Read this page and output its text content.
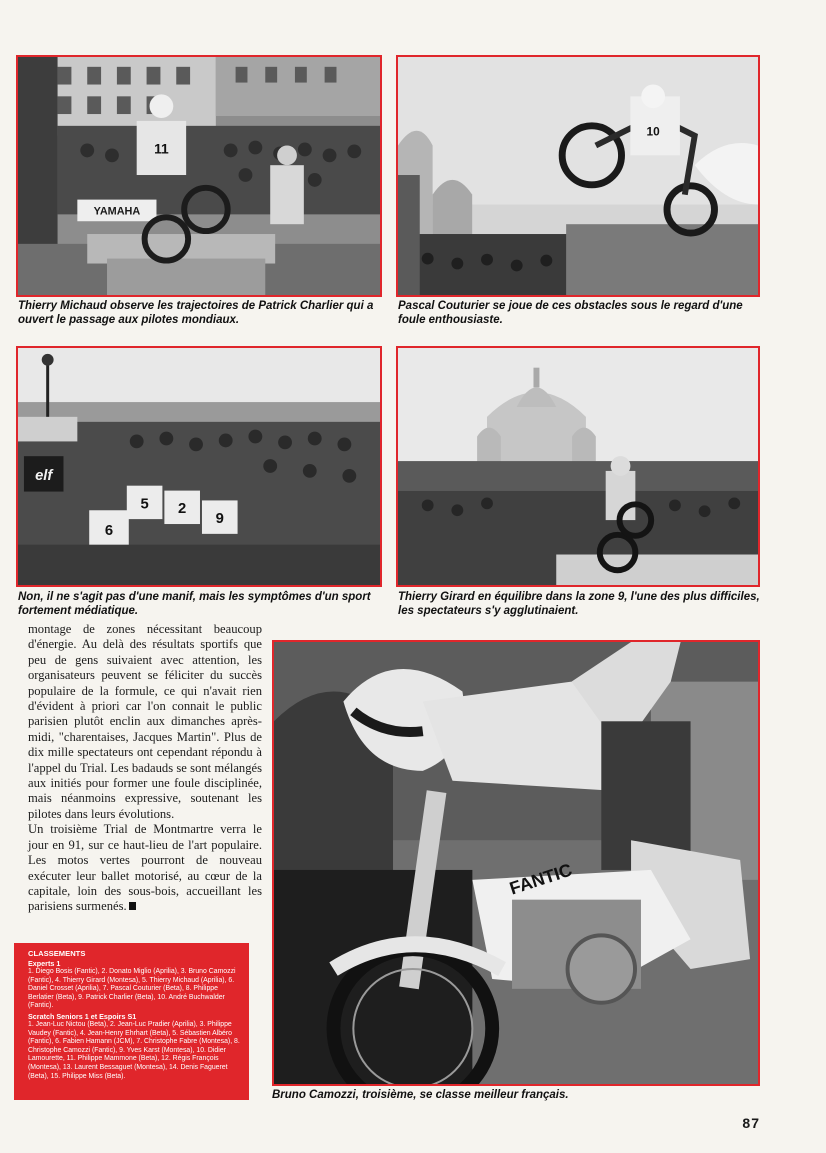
YAMAHA
11
Thierry Michaud observe les trajectoires de Patrick Charlier qui a ouvert le passage aux pilotes mondiaux.
10
Pascal Couturier se joue de ces obstacles sous le regard d'une foule enthousiaste.
elf
6
5 2
9
Non, il ne s'agit pas d'une manif, mais les symptômes d'un sport fortement médiatique.
Thierry Girard en équilibre dans la zone 9, l'une des plus difficiles, les spectateurs s'y agglutinaient.
FANTIC
Bruno Camozzi, troisième, se classe meilleur français.

montage de zones nécessitant beaucoup d'énergie. Au delà des résultats sportifs que peu de gens suivaient avec attention, les organisateurs peuvent se féliciter du succès populaire de la formule, ce qui n'avait rien d'évident à priori car l'on connait le public parisien plutôt enclin aux dimanches après-midi, "charentaises, Jacques Martin". Plus de dix mille spectateurs ont cependant répondu à l'appel du Trial. Les badauds se sont mélangés aux initiés pour former une foule disciplinée, mais néanmoins expressive, soutenant les pilotes dans leurs évolutions.

Un troisième Trial de Montmartre verra le jour en 91, sur ce haut-lieu de l'art populaire. Les motos vertes pourront de nouveau exécuter leur ballet motorisé, au cœur de la capitale, loin des sous-bois, accueillant les parisiens surmenés.

CLASSEMENTS
Experts 1
1. Diego Bosis (Fantic), 2. Donato Miglio (Aprilia), 3. Bruno Camozzi (Fantic), 4. Thierry Girard (Montesa), 5. Thierry Michaud (Aprilia), 6. Daniel Crosset (Aprilia), 7. Pascal Couturier (Beta), 8. Philippe Berlatier (Beta), 9. Patrick Charlier (Beta), 10. André Buchwalder (Fantic).
Scratch Seniors 1 et Espoirs S1
1. Jean-Luc Nictou (Beta), 2. Jean-Luc Pradier (Aprilia), 3. Philippe Vaudey (Fantic), 4. Jean-Henry Ehrhart (Beta), 5. Sébastien Albéro (Fantic), 6. Fabien Hamann (JCM), 7. Christophe Fabre (Montesa), 8. Christophe Camozzi (Fantic), 9. Yves Karst (Montesa), 10. Didier Lamourette, 11. Philippe Mammone (Beta), 12. Régis François (Montesa), 13. Laurent Bessaguet (Montesa), 14. Denis Fagueret (Beta), 15. Philippe Miss (Beta).
87
